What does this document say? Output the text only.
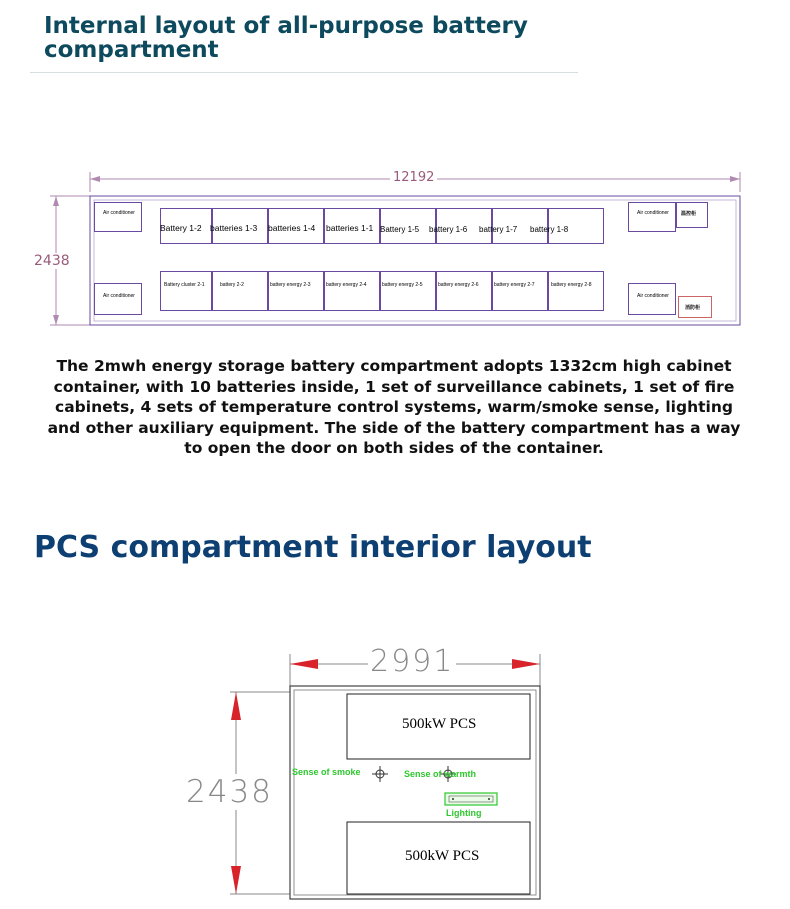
Internal layout of all-purpose battery compartment
12192
2438
Air conditioner
Air conditioner
Battery 1-2 batteries 1-3 batteries 1-4 batteries 1-1 Battery 1-5 battery 1-6 battery 1-7 battery 1-8
Battery cluster 2-1	battery 2-2	battery energy 2-3	battery energy 2-4	battery energy 2-5	battery energy 2-6	battery energy 2-7	battery energy 2-8
Air conditioner	温控柜
Air conditioner
消防柜
The 2mwh energy storage battery compartment adopts 1332cm high cabinet container, with 10 batteries inside, 1 set of surveillance cabinets, 1 set of fire cabinets, 4 sets of temperature control systems, warm/smoke sense, lighting and other auxiliary equipment. The side of the battery compartment has a way to open the door on both sides of the container.
PCS compartment interior layout
2991
2438
500kW PCS
500kW PCS
Sense of smoke	Sense of warmth
Lighting
